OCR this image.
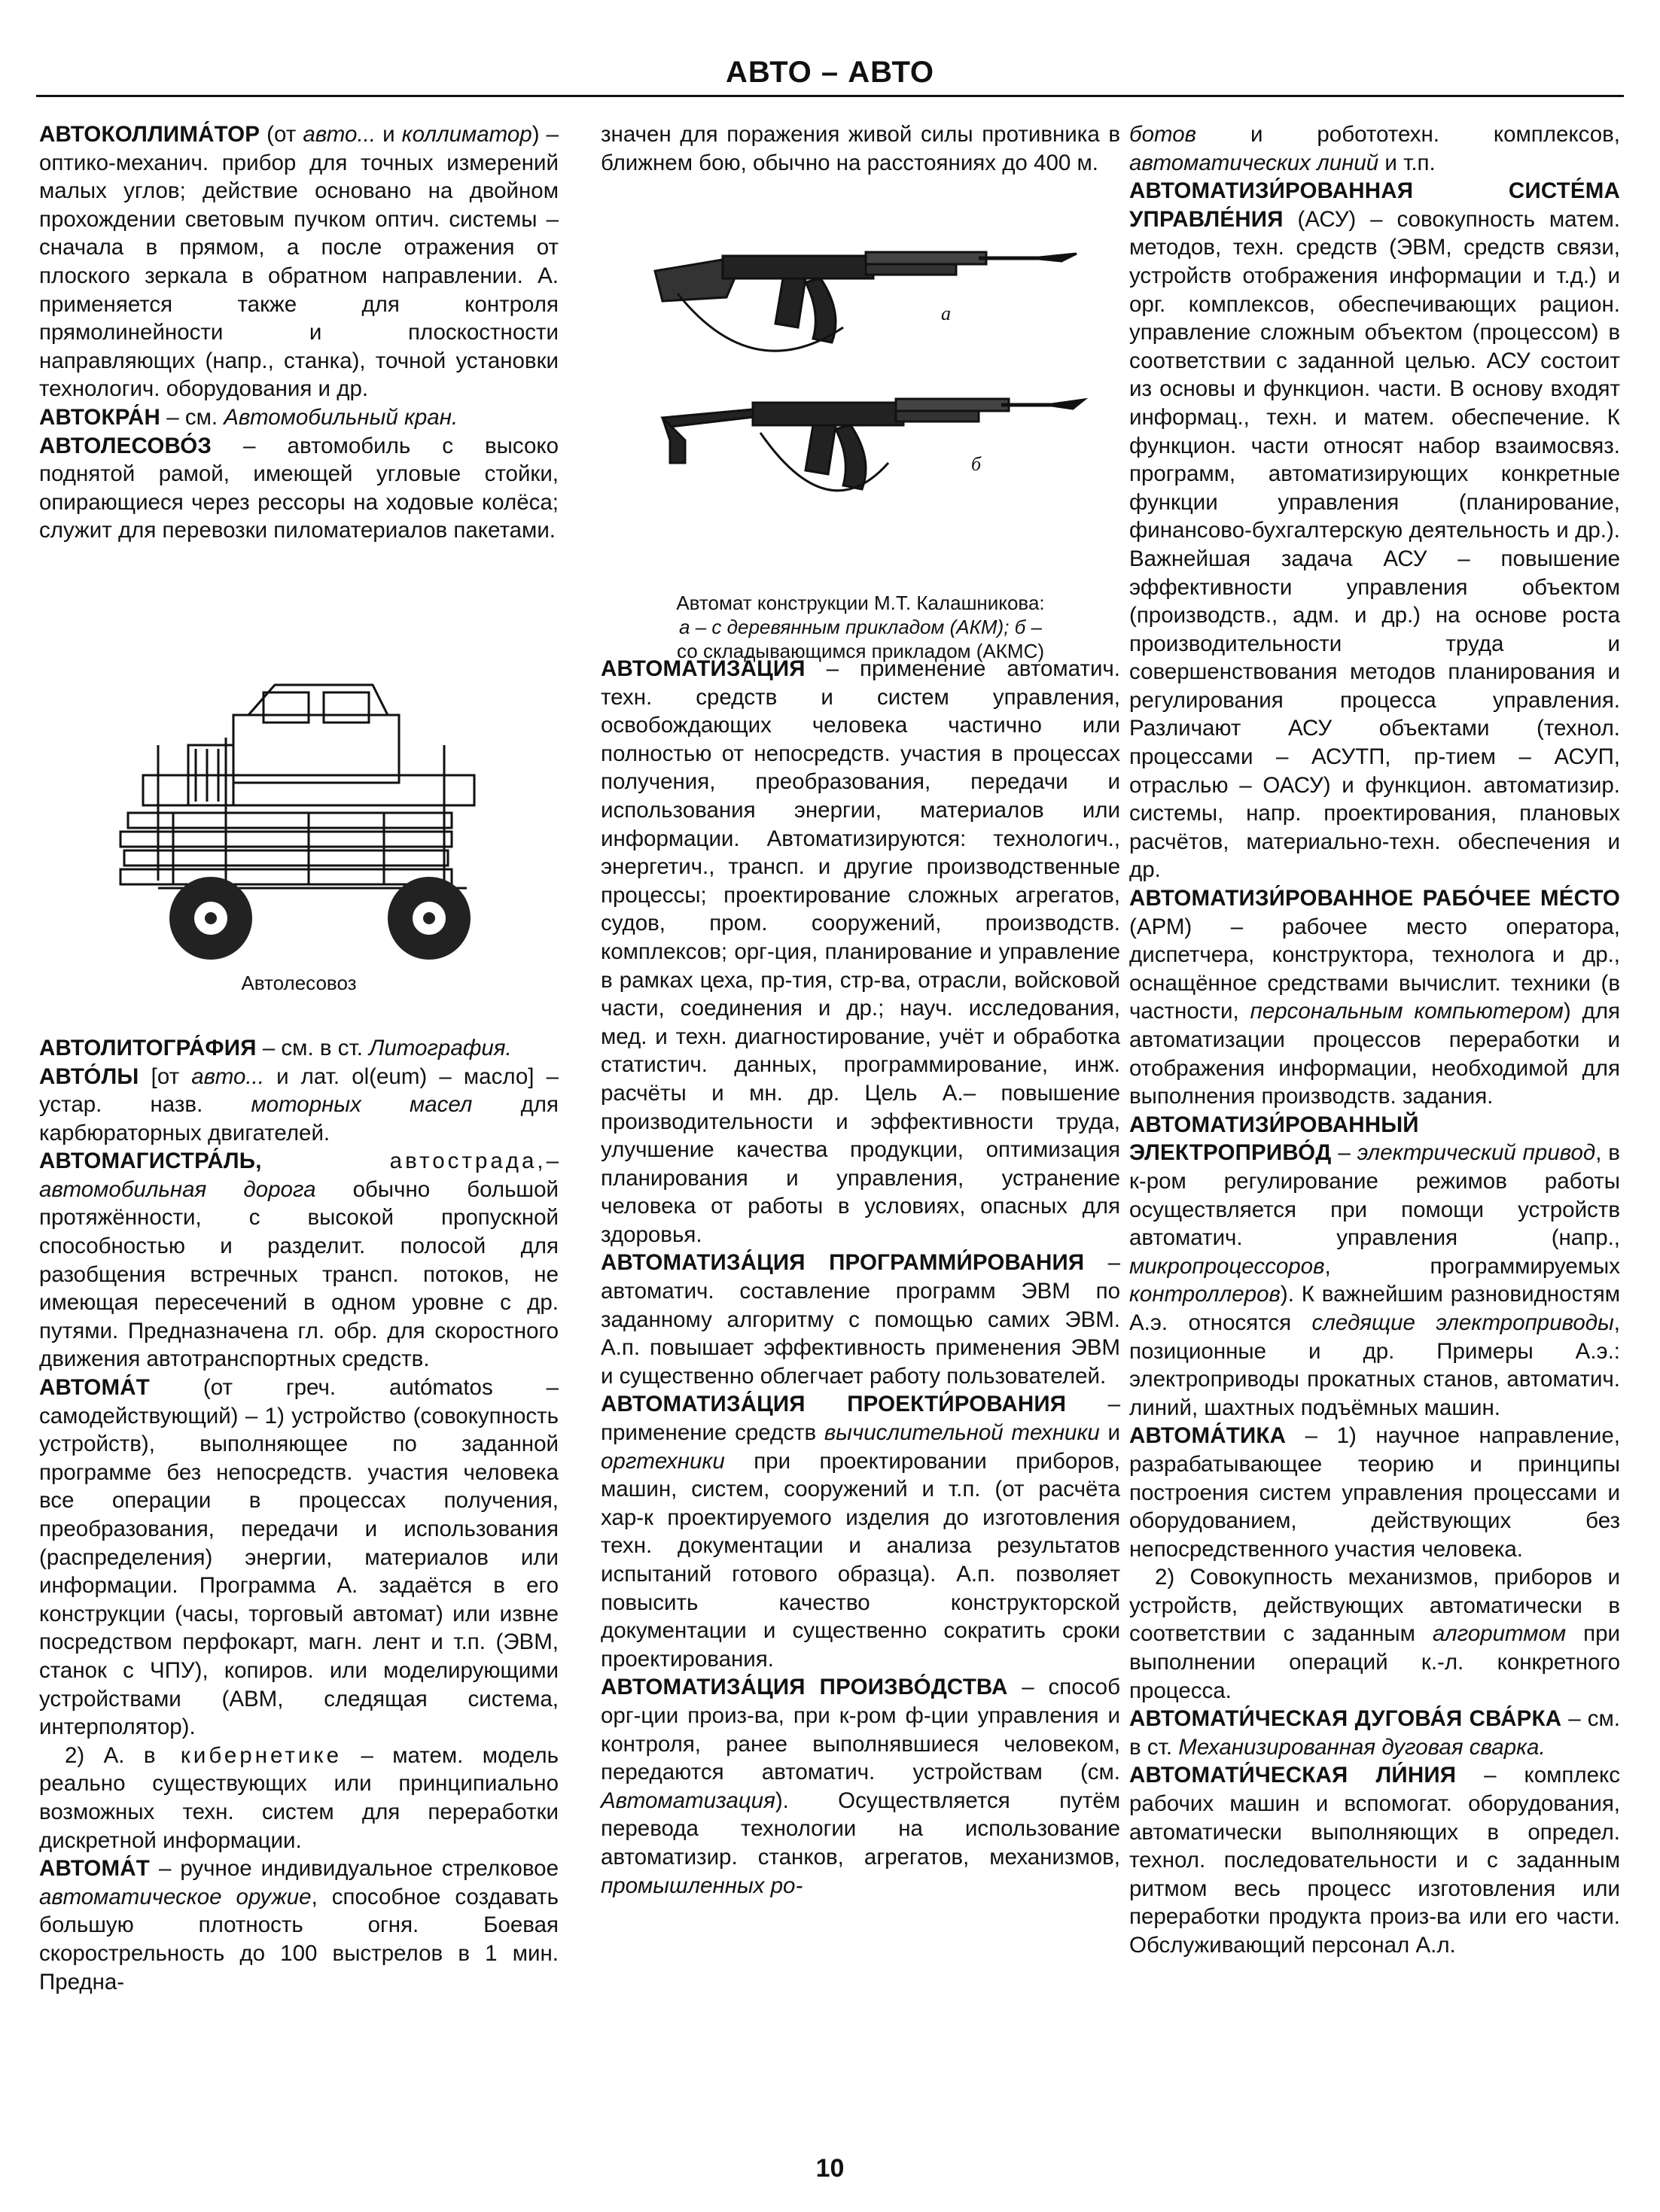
АВТО – АВТО

АВТОКОЛЛИМА́ТОР (от авто... и коллиматор) – оптико-механич. прибор для точных измерений малых углов; действие основано на двойном прохождении световым пучком оптич. системы – сначала в прямом, а после отражения от плоского зеркала в обратном направлении. А. применяется также для контроля прямолинейности и плоскостности направляющих (напр., станка), точной установки технологич. оборудования и др.

АВТОКРА́Н – см. Автомобильный кран.

АВТОЛЕСОВО́З – автомобиль с высоко поднятой рамой, имеющей угловые стойки, опирающиеся через рессоры на ходовые колёса; служит для перевозки пиломатериалов пакетами.

АВТОЛИТОГРА́ФИЯ – см. в ст. Литография.

АВТО́ЛЫ [от авто... и лат. ol(eum) – масло] – устар. назв. моторных масел для карбюраторных двигателей.

АВТОМАГИСТРА́ЛЬ, автострада,– автомобильная дорога обычно большой протяжённости, с высокой пропускной способностью и разделит. полосой для разобщения встречных трансп. потоков, не имеющая пересечений в одном уровне с др. путями. Предназначена гл. обр. для скоростного движения автотранспортных средств.

АВТОМА́Т (от греч. autómatos – самодействующий) – 1) устройство (совокупность устройств), выполняющее по заданной программе без непосредств. участия человека все операции в процессах получения, преобразования, передачи и использования (распределения) энергии, материалов или информации. Программа А. задаётся в его конструкции (часы, торговый автомат) или извне посредством перфокарт, магн. лент и т.п. (ЭВМ, станок с ЧПУ), копиров. или моделирующими устройствами (АВМ, следящая система, интерполятор).

2) А. в кибернетике – матем. модель реально существующих или принципиально возможных техн. систем для переработки дискретной информации.

АВТОМА́Т – ручное индивидуальное стрелковое автоматическое оружие, способное создавать большую плотность огня. Боевая скорострельность до 100 выстрелов в 1 мин. Предна-

Автолесовоз

значен для поражения живой силы противника в ближнем бою, обычно на расстояниях до 400 м.

а
б
Автомат конструкции М.Т. Калашникова:
а – с деревянным прикладом (АКМ); б –
со складывающимся прикладом (АКМС)

АВТОМАТИЗА́ЦИЯ – применение автоматич. техн. средств и систем управления, освобождающих человека частично или полностью от непосредств. участия в процессах получения, преобразования, передачи и использования энергии, материалов или информации. Автоматизируются: технологич., энергетич., трансп. и другие производственные процессы; проектирование сложных агрегатов, судов, пром. сооружений, производств. комплексов; орг-ция, планирование и управление в рамках цеха, пр-тия, стр-ва, отрасли, войсковой части, соединения и др.; науч. исследования, мед. и техн. диагностирование, учёт и обработка статистич. данных, программирование, инж. расчёты и мн. др. Цель А.– повышение производительности и эффективности труда, улучшение качества продукции, оптимизация планирования и управления, устранение человека от работы в условиях, опасных для здоровья.

АВТОМАТИЗА́ЦИЯ ПРОГРАММИ́РОВАНИЯ – автоматич. составление программ ЭВМ по заданному алгоритму с помощью самих ЭВМ. А.п. повышает эффективность применения ЭВМ и существенно облегчает работу пользователей.

АВТОМАТИЗА́ЦИЯ ПРОЕКТИ́РОВАНИЯ – применение средств вычислительной техники и оргтехники при проектировании приборов, машин, систем, сооружений и т.п. (от расчёта хар-к проектируемого изделия до изготовления техн. документации и анализа результатов испытаний готового образца). А.п. позволяет повысить качество конструкторской документации и существенно сократить сроки проектирования.

АВТОМАТИЗА́ЦИЯ ПРОИЗВО́ДСТВА – способ орг-ции произ-ва, при к-ром ф-ции управления и контроля, ранее выполнявшиеся человеком, передаются автоматич. устройствам (см. Автоматизация). Осуществляется путём перевода технологии на использование автоматизир. станков, агрегатов, механизмов, промышленных ро-

ботов и робототехн. комплексов, автоматических линий и т.п.

АВТОМАТИЗИ́РОВАННАЯ СИСТЕ́МА УПРАВЛЕ́НИЯ (АСУ) – совокупность матем. методов, техн. средств (ЭВМ, средств связи, устройств отображения информации и т.д.) и орг. комплексов, обеспечивающих рацион. управление сложным объектом (процессом) в соответствии с заданной целью. АСУ состоит из основы и функцион. части. В основу входят информац., техн. и матем. обеспечение. К функцион. части относят набор взаимосвяз. программ, автоматизирующих конкретные функции управления (планирование, финансово-бухгалтерскую деятельность и др.). Важнейшая задача АСУ – повышение эффективности управления объектом (производств., адм. и др.) на основе роста производительности труда и совершенствования методов планирования и регулирования процесса управления. Различают АСУ объектами (технол. процессами – АСУТП, пр-тием – АСУП, отраслью – ОАСУ) и функцион. автоматизир. системы, напр. проектирования, плановых расчётов, материально-техн. обеспечения и др.

АВТОМАТИЗИ́РОВАННОЕ РАБО́ЧЕЕ МЕ́СТО (АРМ) – рабочее место оператора, диспетчера, конструктора, технолога и др., оснащённое средствами вычислит. техники (в частности, персональным компьютером) для автоматизации процессов переработки и отображения информации, необходимой для выполнения производств. задания.

АВТОМАТИЗИ́РОВАННЫЙ ЭЛЕКТРОПРИВО́Д – электрический привод, в к-ром регулирование режимов работы осуществляется при помощи устройств автоматич. управления (напр., микропроцессоров, программируемых контроллеров). К важнейшим разновидностям А.э. относятся следящие электроприводы, позиционные и др. Примеры А.э.: электроприводы прокатных станов, автоматич. линий, шахтных подъёмных машин.

АВТОМА́ТИКА – 1) научное направление, разрабатывающее теорию и принципы построения систем управления процессами и оборудованием, действующих без непосредственного участия человека.

2) Совокупность механизмов, приборов и устройств, действующих автоматически в соответствии с заданным алгоритмом при выполнении операций к.-л. конкретного процесса.

АВТОМАТИ́ЧЕСКАЯ ДУГОВА́Я СВА́РКА – см. в ст. Механизированная дуговая сварка.

АВТОМАТИ́ЧЕСКАЯ ЛИ́НИЯ – комплекс рабочих машин и вспомогат. оборудования, автоматически выполняющих в определ. технол. последовательности и с заданным ритмом весь процесс изготовления или переработки продукта произ-ва или его части. Обслуживающий персонал А.л.

10
